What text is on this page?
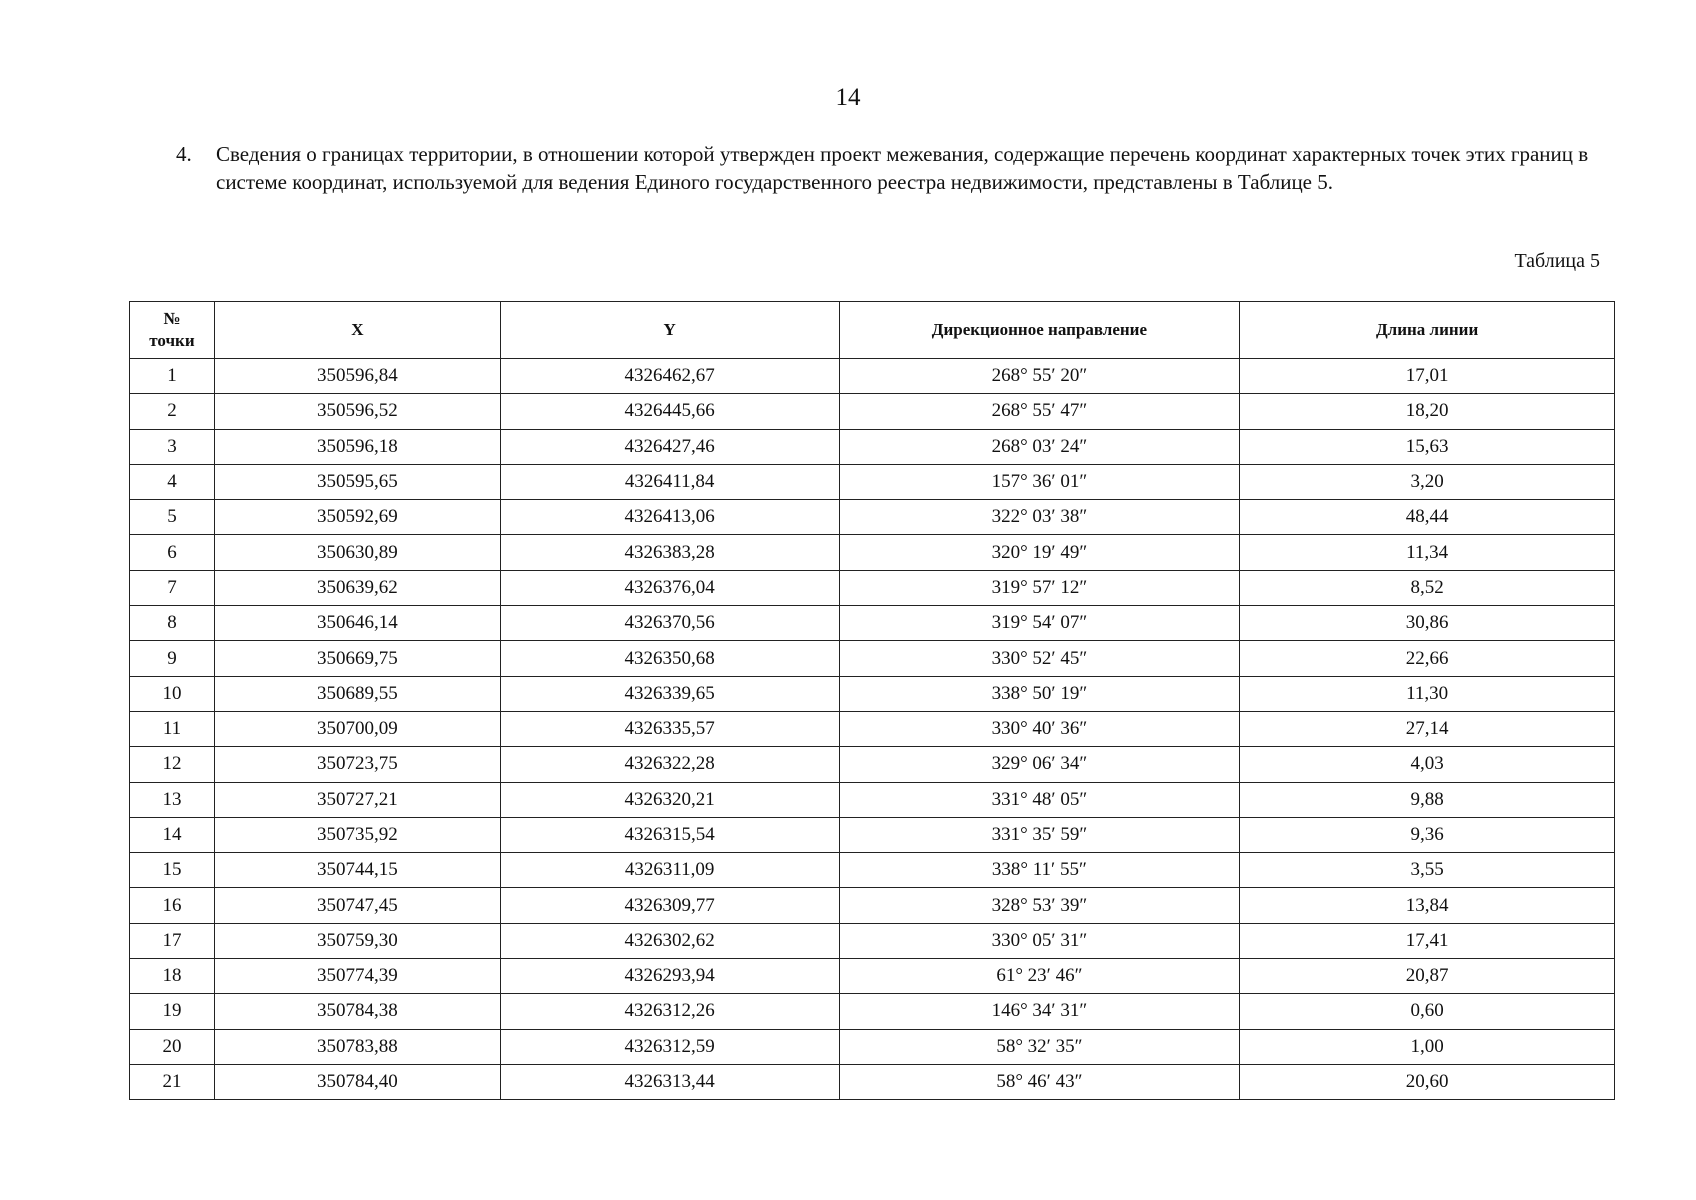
14
4. Сведения о границах территории, в отношении которой утвержден проект межевания, содержащие перечень координат характерных точек этих границ в системе координат, используемой для ведения Единого государственного реестра недвижимости, представлены в Таблице 5.
Таблица 5
№
точки	X	Y	Дирекционное направление	Длина линии
1	350596,84	4326462,67	268° 55′ 20″	17,01
2	350596,52	4326445,66	268° 55′ 47″	18,20
3	350596,18	4326427,46	268° 03′ 24″	15,63
4	350595,65	4326411,84	157° 36′ 01″	3,20
5	350592,69	4326413,06	322° 03′ 38″	48,44
6	350630,89	4326383,28	320° 19′ 49″	11,34
7	350639,62	4326376,04	319° 57′ 12″	8,52
8	350646,14	4326370,56	319° 54′ 07″	30,86
9	350669,75	4326350,68	330° 52′ 45″	22,66
10	350689,55	4326339,65	338° 50′ 19″	11,30
11	350700,09	4326335,57	330° 40′ 36″	27,14
12	350723,75	4326322,28	329° 06′ 34″	4,03
13	350727,21	4326320,21	331° 48′ 05″	9,88
14	350735,92	4326315,54	331° 35′ 59″	9,36
15	350744,15	4326311,09	338° 11′ 55″	3,55
16	350747,45	4326309,77	328° 53′ 39″	13,84
17	350759,30	4326302,62	330° 05′ 31″	17,41
18	350774,39	4326293,94	61° 23′ 46″	20,87
19	350784,38	4326312,26	146° 34′ 31″	0,60
20	350783,88	4326312,59	58° 32′ 35″	1,00
21	350784,40	4326313,44	58° 46′ 43″	20,60
